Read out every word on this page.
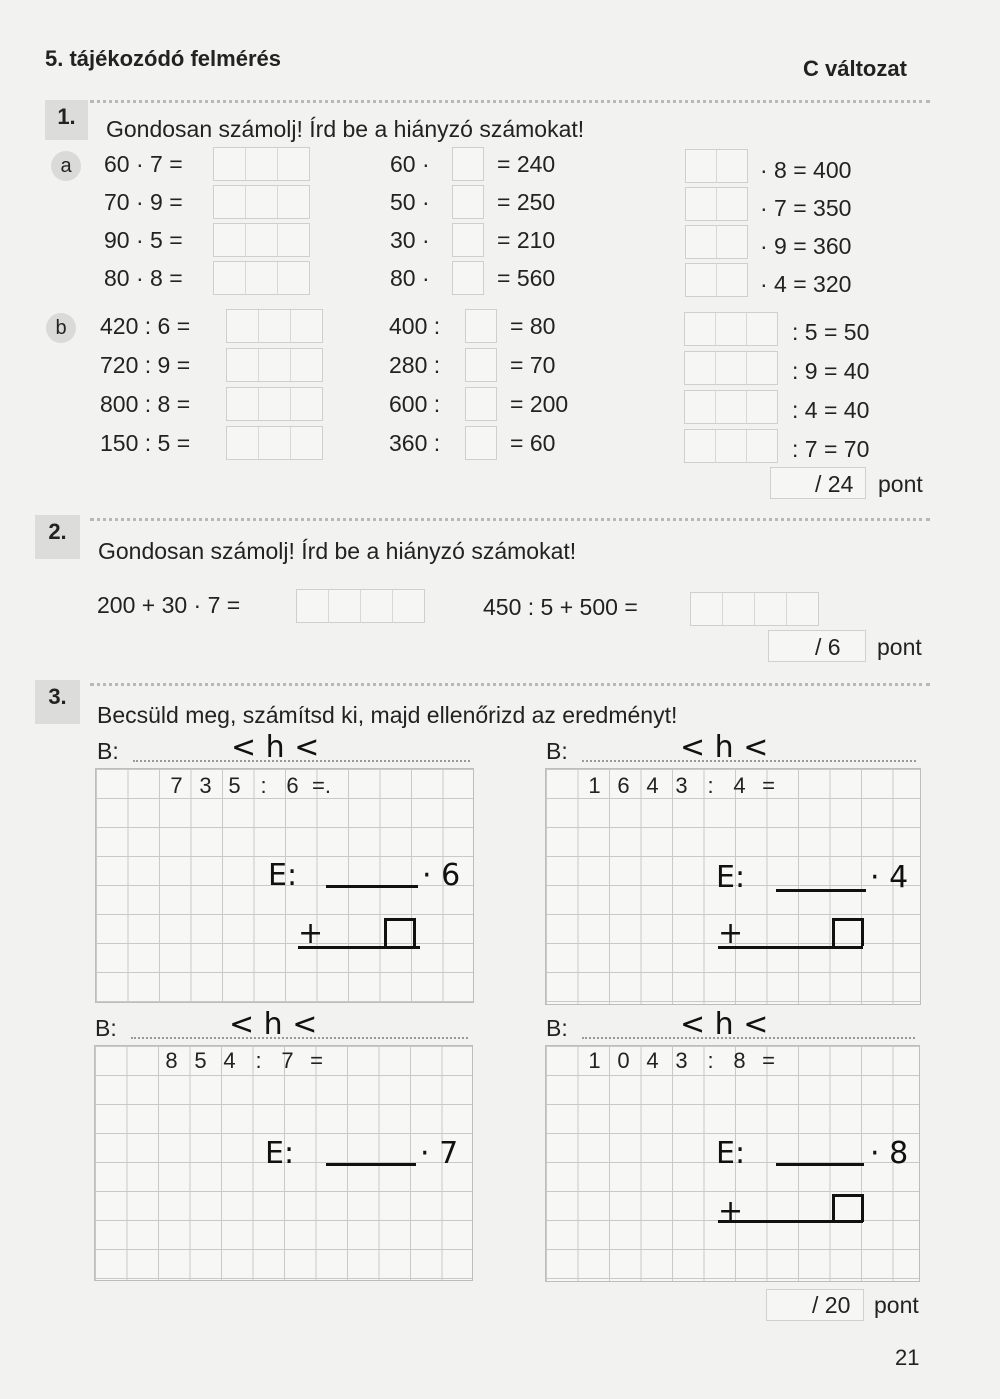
5. tájékozódó felmérés	C változat
1.	Gondosan számolj! Írd be a hiányzó számokat!
a
b
60 · 7 =	60 ·	= 240	· 8 = 400
70 · 9 =	50 ·	= 250	· 7 = 350
90 · 5 =	30 ·	= 210	· 9 = 360
80 · 8 =	80 ·	= 560	· 4 = 320
420 : 6 =	400 :	= 80	: 5 = 50
720 : 9 =	280 :	= 70	: 9 = 40
800 : 8 =	600 :	= 200	: 4 = 40
150 : 5 =	360 :	= 60	: 7 = 70
/ 24 pont
2.
Gondosan számolj! Írd be a hiányzó számokat!
200 + 30 · 7 =	450 : 5 + 500 =
/ 6 pont
3.
Becsüld meg, számítsd ki, majd ellenőrizd az eredményt!
B:	< h <
7 3 5 : 6 =.
E:	· 6
+
B:	< h <
1 6 4 3 : 4 =
E:	· 4
+
B:	< h <
8 5 4 : 7 =
E:	· 7
B:	< h <
1 0 4 3 : 8 =
E:	· 8
+
/ 20 pont
21
